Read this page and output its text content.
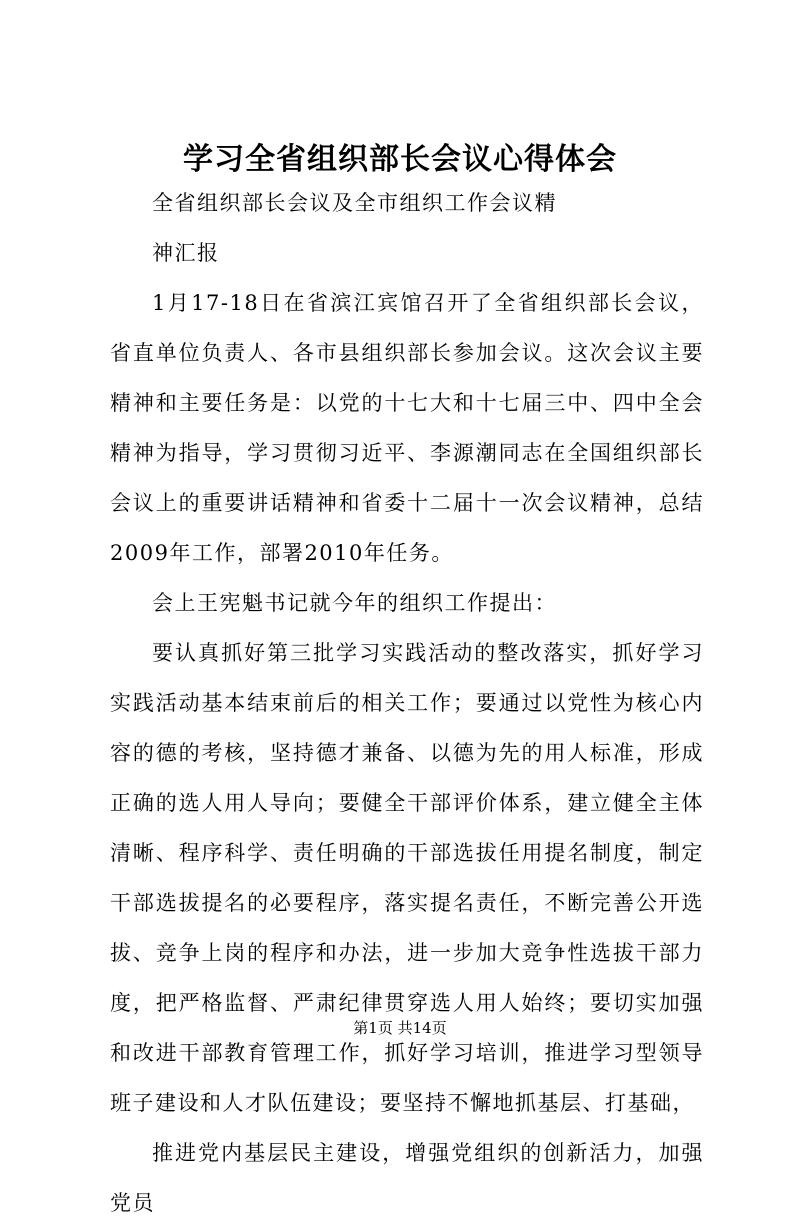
学习全省组织部长会议心得体会

全省组织部长会议及全市组织工作会议精

神汇报

1月17-18日在省滨江宾馆召开了全省组织部长会议，省直单位负责人、各市县组织部长参加会议。这次会议主要精神和主要任务是：以党的十七大和十七届三中、四中全会精神为指导，学习贯彻习近平、李源潮同志在全国组织部长会议上的重要讲话精神和省委十二届十一次会议精神，总结2009年工作，部署2010年任务。

会上王宪魁书记就今年的组织工作提出：

要认真抓好第三批学习实践活动的整改落实，抓好学习实践活动基本结束前后的相关工作；要通过以党性为核心内容的德的考核，坚持德才兼备、以德为先的用人标准，形成正确的选人用人导向；要健全干部评价体系，建立健全主体清晰、程序科学、责任明确的干部选拔任用提名制度，制定干部选拔提名的必要程序，落实提名责任，不断完善公开选拔、竞争上岗的程序和办法，进一步加大竞争性选拔干部力度，把严格监督、严肃纪律贯穿选人用人始终；要切实加强和改进干部教育管理工作，抓好学习培训，推进学习型领导班子建设和人才队伍建设；要坚持不懈地抓基层、打基础，

推进党内基层民主建设，增强党组织的创新活力，加强党员

第1页 共14页
